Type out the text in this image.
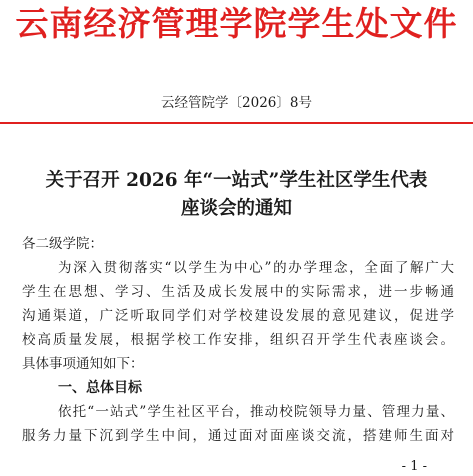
云南经济管理学院学生处文件
云经管院学〔2026〕8号
关于召开 2026 年“一站式”学生社区学生代表
座谈会的通知
各二级学院：
为深入贯彻落实“以学生为中心”的办学理念，全面了解广大
学生在思想、学习、生活及成长发展中的实际需求，进一步畅通
沟通渠道，广泛听取同学们对学校建设发展的意见建议，促进学
校高质量发展，根据学校工作安排，组织召开学生代表座谈会。
具体事项通知如下：
一、总体目标
依托“一站式”学生社区平台，推动校院领导力量、管理力量、
服务力量下沉到学生中间，通过面对面座谈交流，搭建师生面对
- 1 -
